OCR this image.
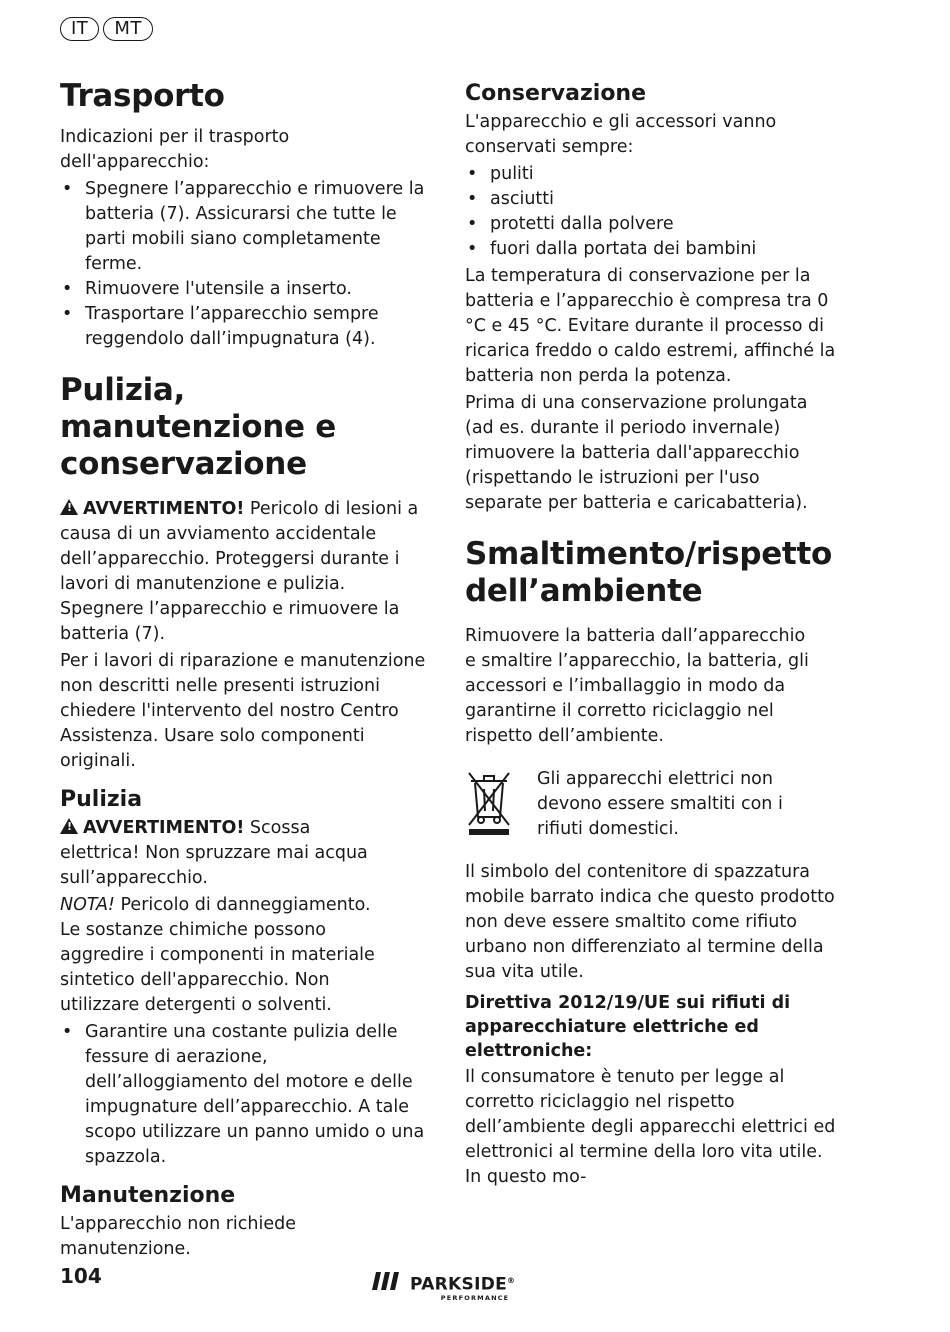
IT	MT
Trasporto

Indicazioni per il trasporto dell'apparecchio:

• Spegnere l’apparecchio e rimuovere la batteria (7). Assicurarsi che tutte le parti mobili siano completamente ferme.
• Rimuovere l'utensile a inserto.
• Trasportare l’apparecchio sempre reggendolo dall’impugnatura (4).
Pulizia, manutenzione e conservazione

!AVVERTIMENTO! Pericolo di lesioni a causa di un avviamento accidentale dell’apparecchio. Proteggersi durante i lavori di manutenzione e pulizia. Spegnere l’apparecchio e rimuovere la batteria (7).

Per i lavori di riparazione e manutenzione non descritti nelle presenti istruzioni chiedere l'intervento del nostro Centro Assistenza. Usare solo componenti originali.

Pulizia

!AVVERTIMENTO! Scossa elettrica! Non spruzzare mai acqua sull’apparecchio.

NOTA! Pericolo di danneggiamento. Le sostanze chimiche possono aggredire i componenti in materiale sintetico dell'apparecchio. Non utilizzare detergenti o solventi.

• Garantire una costante pulizia delle fessure di aerazione, dell’alloggiamento del motore e delle impugnature dell’apparecchio. A tale scopo utilizzare un panno umido o una spazzola.
Manutenzione

L'apparecchio non richiede manutenzione.

Conservazione

L'apparecchio e gli accessori vanno conservati sempre:

• puliti
• asciutti
• protetti dalla polvere
• fuori dalla portata dei bambini

La temperatura di conservazione per la batteria e l’apparecchio è compresa tra 0 °C e 45 °C. Evitare durante il processo di ricarica freddo o caldo estremi, affinché la batteria non perda la potenza.

Prima di una conservazione prolungata (ad es. durante il periodo invernale) rimuovere la batteria dall'apparecchio (rispettando le istruzioni per l'uso separate per batteria e caricabatteria).

Smaltimento/rispetto dell’ambiente

Rimuovere la batteria dall’apparecchio e smaltire l’apparecchio, la batteria, gli accessori e l’imballaggio in modo da garantirne il corretto riciclaggio nel rispetto dell’ambiente.

Gli apparecchi elettrici non devono essere smaltiti con i rifiuti domestici.

Il simbolo del contenitore di spazzatura mobile barrato indica che questo prodotto non deve essere smaltito come rifiuto urbano non differenziato al termine della sua vita utile.

Direttiva 2012/19/UE sui rifiuti di apparecchiature elettriche ed elettroniche:

Il consumatore è tenuto per legge al corretto riciclaggio nel rispetto dell’ambiente degli apparecchi elettrici ed elettronici al termine della loro vita utile. In questo mo-

104	PARKSIDE®
PERFORMANCE
